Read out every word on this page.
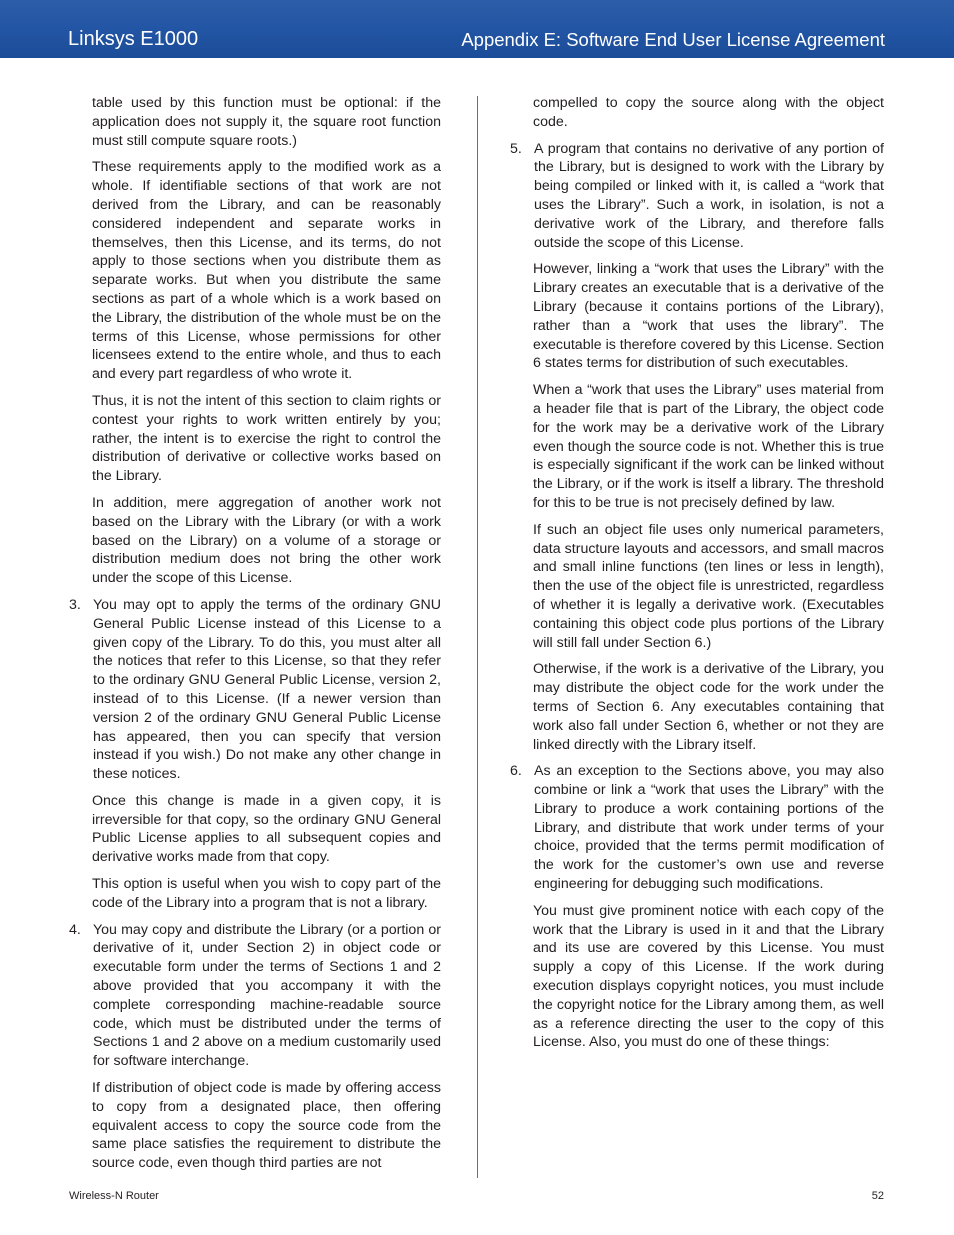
Linksys E1000	Appendix E: Software End User License Agreement

table used by this function must be optional: if the application does not supply it, the square root function must still compute square roots.)

These requirements apply to the modified work as a whole. If identifiable sections of that work are not derived from the Library, and can be reasonably considered independent and separate works in themselves, then this License, and its terms, do not apply to those sections when you distribute them as separate works. But when you distribute the same sections as part of a whole which is a work based on the Library, the distribution of the whole must be on the terms of this License, whose permissions for other licensees extend to the entire whole, and thus to each and every part regardless of who wrote it.

Thus, it is not the intent of this section to claim rights or contest your rights to work written entirely by you; rather, the intent is to exercise the right to control the distribution of derivative or collective works based on the Library.

In addition, mere aggregation of another work not based on the Library with the Library (or with a work based on the Library) on a volume of a storage or distribution medium does not bring the other work under the scope of this License.

3. You may opt to apply the terms of the ordinary GNU General Public License instead of this License to a given copy of the Library. To do this, you must alter all the notices that refer to this License, so that they refer to the ordinary GNU General Public License, version 2, instead of to this License. (If a newer version than version 2 of the ordinary GNU General Public License has appeared, then you can specify that version instead if you wish.) Do not make any other change in these notices.

Once this change is made in a given copy, it is irreversible for that copy, so the ordinary GNU General Public License applies to all subsequent copies and derivative works made from that copy.

This option is useful when you wish to copy part of the code of the Library into a program that is not a library.

4. You may copy and distribute the Library (or a portion or derivative of it, under Section 2) in object code or executable form under the terms of Sections 1 and 2 above provided that you accompany it with the complete corresponding machine-readable source code, which must be distributed under the terms of Sections 1 and 2 above on a medium customarily used for software interchange.

If distribution of object code is made by offering access to copy from a designated place, then offering equivalent access to copy the source code from the same place satisfies the requirement to distribute the source code, even though third parties are not

compelled to copy the source along with the object code.

5. A program that contains no derivative of any portion of the Library, but is designed to work with the Library by being compiled or linked with it, is called a “work that uses the Library”. Such a work, in isolation, is not a derivative work of the Library, and therefore falls outside the scope of this License.

However, linking a “work that uses the Library” with the Library creates an executable that is a derivative of the Library (because it contains portions of the Library), rather than a “work that uses the library”. The executable is therefore covered by this License. Section 6 states terms for distribution of such executables.

When a “work that uses the Library” uses material from a header file that is part of the Library, the object code for the work may be a derivative work of the Library even though the source code is not. Whether this is true is especially significant if the work can be linked without the Library, or if the work is itself a library. The threshold for this to be true is not precisely defined by law.

If such an object file uses only numerical parameters, data structure layouts and accessors, and small macros and small inline functions (ten lines or less in length), then the use of the object file is unrestricted, regardless of whether it is legally a derivative work. (Executables containing this object code plus portions of the Library will still fall under Section 6.)

Otherwise, if the work is a derivative of the Library, you may distribute the object code for the work under the terms of Section 6. Any executables containing that work also fall under Section 6, whether or not they are linked directly with the Library itself.

6. As an exception to the Sections above, you may also combine or link a “work that uses the Library” with the Library to produce a work containing portions of the Library, and distribute that work under terms of your choice, provided that the terms permit modification of the work for the customer’s own use and reverse engineering for debugging such modifications.

You must give prominent notice with each copy of the work that the Library is used in it and that the Library and its use are covered by this License. You must supply a copy of this License. If the work during execution displays copyright notices, you must include the copyright notice for the Library among them, as well as a reference directing the user to the copy of this License. Also, you must do one of these things:

Wireless-N Router	52
